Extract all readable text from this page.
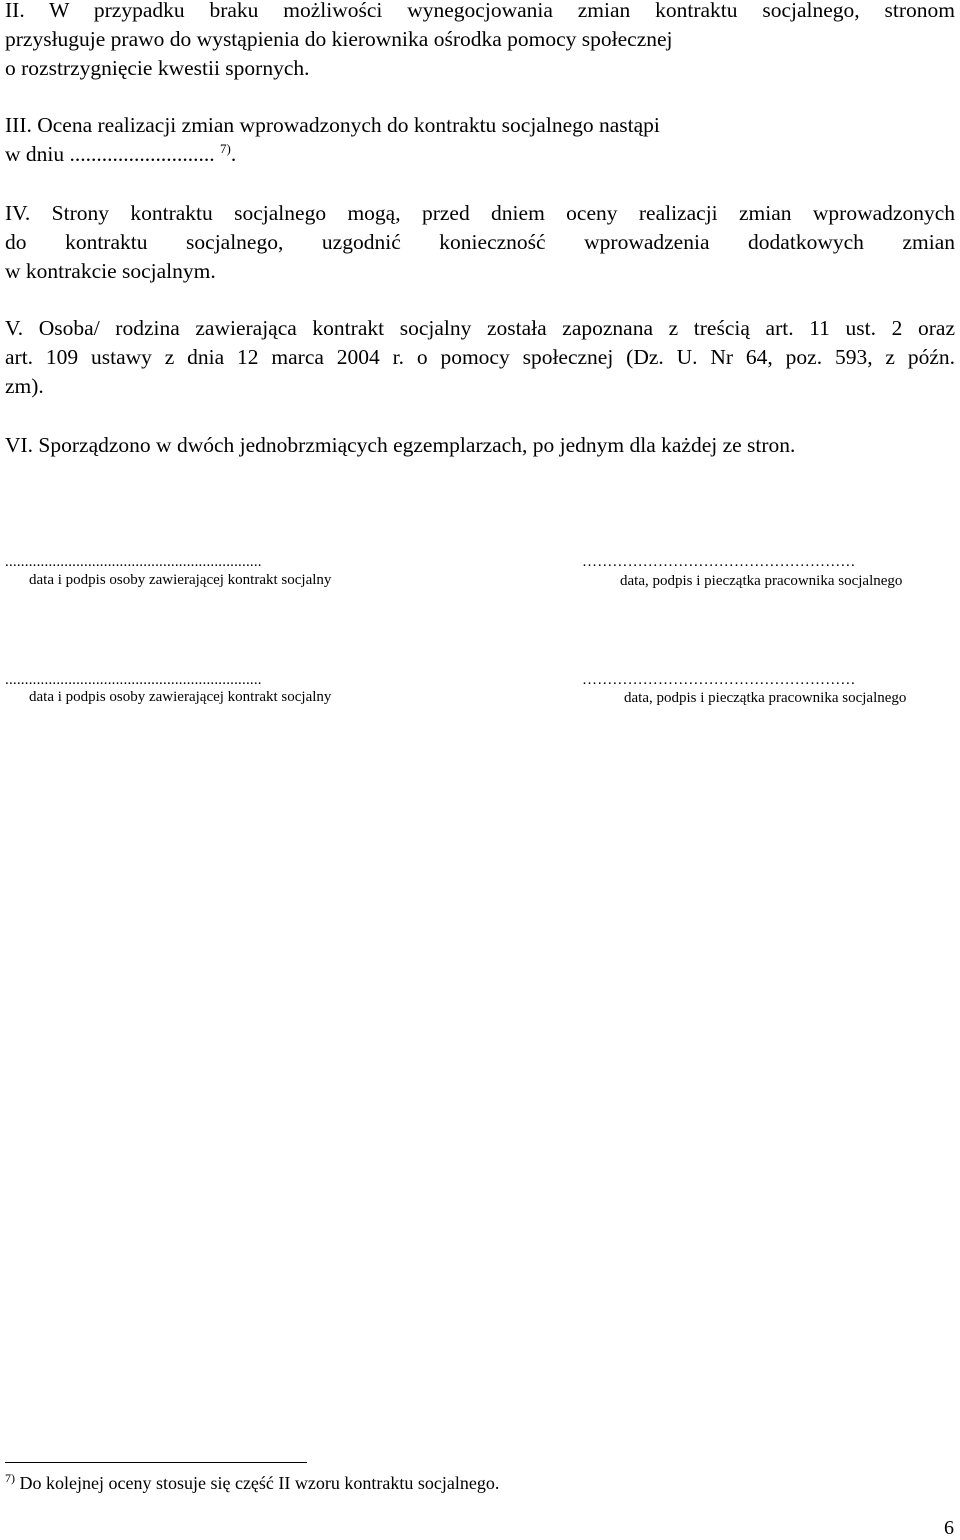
II. W przypadku braku możliwości wynegocjowania zmian kontraktu socjalnego, stronom
przysługuje prawo do wystąpienia do kierownika ośrodka pomocy społecznej
o rozstrzygnięcie kwestii spornych.
III. Ocena realizacji zmian wprowadzonych do kontraktu socjalnego nastąpi
w dniu ........................... $^{7)}$.
IV. Strony kontraktu socjalnego mogą, przed dniem oceny realizacji zmian wprowadzonych
do kontraktu socjalnego, uzgodnić konieczność wprowadzenia dodatkowych zmian
w kontrakcie socjalnym.
V. Osoba/ rodzina zawierająca kontrakt socjalny została zapoznana z treścią art. 11 ust. 2 oraz
art. 109 ustawy z dnia 12 marca 2004 r. o pomocy społecznej (Dz. U. Nr 64, poz. 593, z późn.
zm).
VI. Sporządzono w dwóch jednobrzmiących egzemplarzach, po jednym dla każdej ze stron.
.................................................................	………………………………………………
data i podpis osoby zawierającej kontrakt socjalny	data, podpis i pieczątka pracownika socjalnego
.................................................................	………………………………………………
data i podpis osoby zawierającej kontrakt socjalny	data, podpis i pieczątka pracownika socjalnego
$^{7)}$ Do kolejnej oceny stosuje się część II wzoru kontraktu socjalnego.
6
